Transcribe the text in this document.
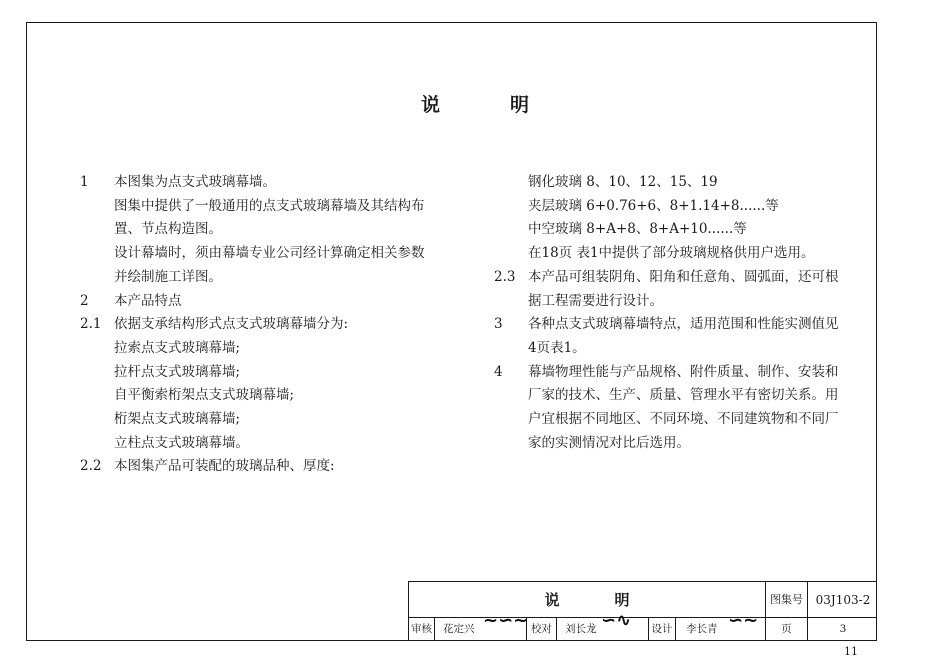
说	明
1	本图集为点支式玻璃幕墙。
图集中提供了一般通用的点支式玻璃幕墙及其结构布
置、节点构造图。
设计幕墙时，须由幕墙专业公司经计算确定相关参数
并绘制施工详图。
2	本产品特点
2.1 依据支承结构形式点支式玻璃幕墙分为:
拉索点支式玻璃幕墙;
拉杆点支式玻璃幕墙;
自平衡索桁架点支式玻璃幕墙;
桁架点支式玻璃幕墙;
立柱点支式玻璃幕墙。
2.2 本图集产品可装配的玻璃品种、厚度:
钢化玻璃 8、10、12、15、19
夹层玻璃 6+0.76+6、8+1.14+8......等
中空玻璃 8+A+8、8+A+10......等
在18页 表1中提供了部分玻璃规格供用户选用。
2.3 本产品可组装阴角、阳角和任意角、圆弧面，还可根
据工程需要进行设计。
3	各种点支式玻璃幕墙特点，适用范围和性能实测值见
4页表1。
4	幕墙物理性能与产品规格、附件质量、制作、安装和
厂家的技术、生产、质量、管理水平有密切关系。用
户宜根据不同地区、不同环境、不同建筑物和不同厂
家的实测情况对比后选用。
说	明	图集号	03J103-2
审核 花定兴 ~∽~ 校对	刘长龙 ∽∿ 设计	李长青 ∽∼	页	3
11
